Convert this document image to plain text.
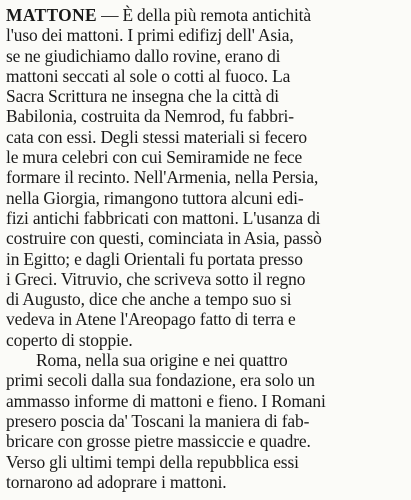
MATTONE — È della più remota antichità
l'uso dei mattoni. I primi edifizj dell' Asia,
se ne giudichiamo dallo rovine, erano di
mattoni seccati al sole o cotti al fuoco. La
Sacra Scrittura ne insegna che la città di
Babilonia, costruita da Nemrod, fu fabbri-
cata con essi. Degli stessi materiali si fecero
le mura celebri con cui Semiramide ne fece
formare il recinto. Nell'Armenia, nella Persia,
nella Giorgia, rimangono tuttora alcuni edi-
fizi antichi fabbricati con mattoni. L'usanza di
costruire con questi, cominciata in Asia, passò
in Egitto; e dagli Orientali fu portata presso
i Greci. Vitruvio, che scriveva sotto il regno
di Augusto, dice che anche a tempo suo si
vedeva in Atene l'Areopago fatto di terra e
coperto di stoppie.
Roma, nella sua origine e nei quattro
primi secoli dalla sua fondazione, era solo un
ammasso informe di mattoni e fieno. I Romani
presero poscia da' Toscani la maniera di fab-
bricare con grosse pietre massiccie e quadre.
Verso gli ultimi tempi della repubblica essi
tornarono ad adoprare i mattoni.
